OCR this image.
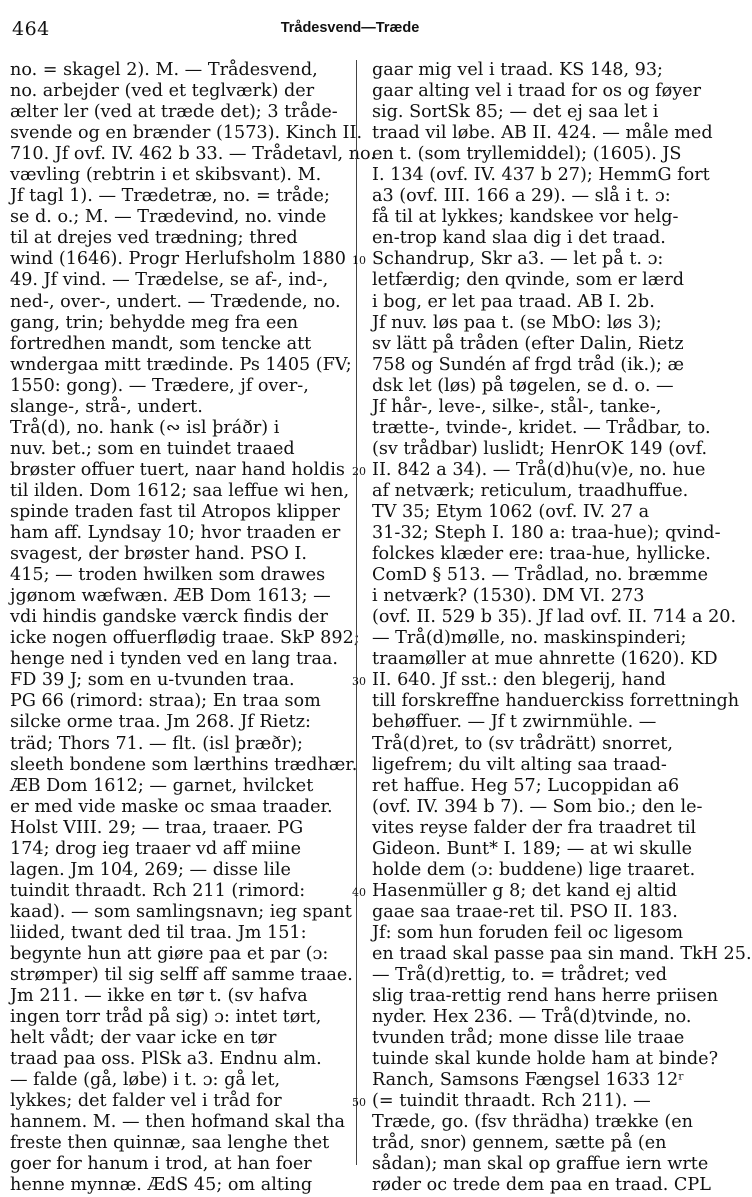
464	Trådesvend—Træde
no. = skagel 2). M. — Trådesvend,
no. arbejder (ved et teglværk) der
ælter ler (ved at træde det); 3 tråde-
svende og en brænder (1573). Kinch II.
710. Jf ovf. IV. 462 b 33. — Trådetavl, no.
vævling (rebtrin i et skibsvant). M.
Jf tagl 1). — Trædetræ, no. = tråde;
se d. o.; M. — Trædevind, no. vinde
til at drejes ved trædning; thred
wind (1646). Progr Herlufsholm 1880
49. Jf vind. — Trædelse, se af-, ind-,
ned-, over-, undert. — Trædende, no.
gang, trin; behydde meg fra een
fortredhen mandt, som tencke att
wndergaa mitt trædinde. Ps 1405 (FV;
1550: gong). — Trædere, jf over-,
slange-, strå-, undert.
Trå(d), no. hank (∾ isl þráðr) i
nuv. bet.; som en tuindet traaed
brøster offuer tuert, naar hand holdis
til ilden. Dom 1612; saa leffue wi hen,
spinde traden fast til Atropos klipper
ham aff. Lyndsay 10; hvor traaden er
svagest, der brøster hand. PSO I.
415; — troden hwilken som drawes
jgønom wæfwæn. ÆB Dom 1613; —
vdi hindis gandske værck findis der
icke nogen offuerflødig traae. SkP 892;
henge ned i tynden ved en lang traa.
FD 39 J; som en u-tvunden traa.
PG 66 (rimord: straa); En traa som
silcke orme traa. Jm 268. Jf Rietz:
träd; Thors 71. — flt. (isl þræðr);
sleeth bondene som lærthins trædhær.
ÆB Dom 1612; — garnet, hvilcket
er med vide maske oc smaa traader.
Holst VIII. 29; — traa, traaer. PG
174; drog ieg traaer vd aff miine
lagen. Jm 104, 269; — disse lile
tuindit thraadt. Rch 211 (rimord:
kaad). — som samlingsnavn; ieg spant
liided, twant ded til traa. Jm 151:
begynte hun att giøre paa et par (ɔ:
strømper) til sig selff aff samme traae.
Jm 211. — ikke en tør t. (sv hafva
ingen torr tråd på sig) ɔ: intet tørt,
helt vådt; der vaar icke en tør
traad paa oss. PlSk a3. Endnu alm.
— falde (gå, løbe) i t. ɔ: gå let,
lykkes; det falder vel i tråd for
hannem. M. — then hofmand skal tha
freste then quinnæ, saa lenghe thet
goer for hanum i trod, at han foer
henne mynnæ. ÆdS 45; om alting
10
20
30
40
50
gaar mig vel i traad. KS 148, 93;
gaar alting vel i traad for os og føyer
sig. SortSk 85; — det ej saa let i
traad vil løbe. AB II. 424. — måle med
en t. (som tryllemiddel); (1605). JS
I. 134 (ovf. IV. 437 b 27); HemmG fort
a3 (ovf. III. 166 a 29). — slå i t. ɔ:
få til at lykkes; kandskee vor helg-
en-trop kand slaa dig i det traad.
Schandrup, Skr a3. — let på t. ɔ:
letfærdig; den qvinde, som er lærd
i bog, er let paa traad. AB I. 2b.
Jf nuv. løs paa t. (se MbO: løs 3);
sv lätt på tråden (efter Dalin, Rietz
758 og Sundén af frgd tråd (ik.); æ
dsk let (løs) på tøgelen, se d. o. —
Jf hår-, leve-, silke-, stål-, tanke-,
trætte-, tvinde-, kridet. — Trådbar, to.
(sv trådbar) luslidt; HenrOK 149 (ovf.
II. 842 a 34). — Trå(d)hu(v)e, no. hue
af netværk; reticulum, traadhuffue.
TV 35; Etym 1062 (ovf. IV. 27 a
31-32; Steph I. 180 a: traa-hue); qvind-
folckes klæder ere: traa-hue, hyllicke.
ComD § 513. — Trådlad, no. bræmme
i netværk? (1530). DM VI. 273
(ovf. II. 529 b 35). Jf lad ovf. II. 714 a 20.
— Trå(d)mølle, no. maskinspinderi;
traamøller at mue ahnrette (1620). KD
II. 640. Jf sst.: den blegerij, hand
till forskreffne handuerckiss forrettningh
behøffuer. — Jf t zwirnmühle. —
Trå(d)ret, to (sv trådrätt) snorret,
ligefrem; du vilt alting saa traad-
ret haffue. Heg 57; Lucoppidan a6
(ovf. IV. 394 b 7). — Som bio.; den le-
vites reyse falder der fra traadret til
Gideon. Bunt* I. 189; — at wi skulle
holde dem (ɔ: buddene) lige traaret.
Hasenmüller g 8; det kand ej altid
gaae saa traae-ret til. PSO II. 183.
Jf: som hun foruden feil oc ligesom
en traad skal passe paa sin mand. TkH 25.
— Trå(d)rettig, to. = trådret; ved
slig traa-rettig rend hans herre priisen
nyder. Hex 236. — Trå(d)tvinde, no.
tvunden tråd; mone disse lile traae
tuinde skal kunde holde ham at binde?
Ranch, Samsons Fængsel 1633 12ʳ
(= tuindit thraadt. Rch 211). —
Træde, go. (fsv thrädha) trække (en
tråd, snor) gennem, sætte på (en
sådan); man skal op graffue iern wrte
røder oc trede dem paa en traad. CPL
